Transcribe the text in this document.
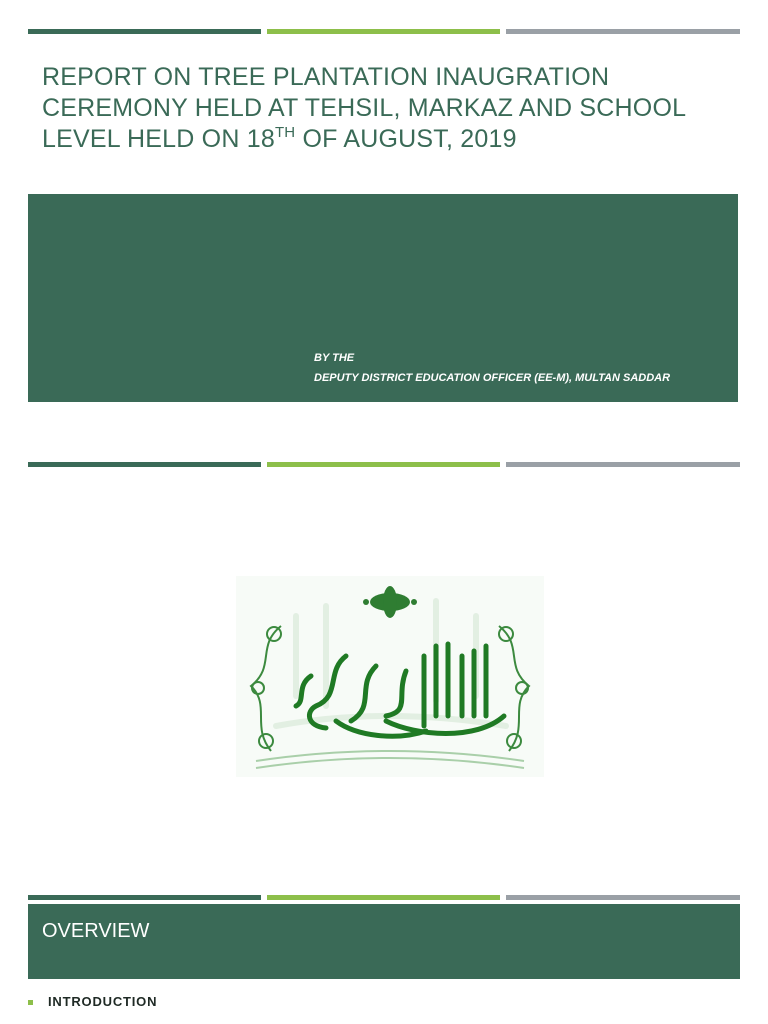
REPORT ON TREE PLANTATION INAUGRATION CEREMONY HELD AT TEHSIL, MARKAZ AND SCHOOL LEVEL HELD ON 18TH OF AUGUST, 2019
BY THE
DEPUTY DISTRICT EDUCATION OFFICER (EE-M), MULTAN SADDAR
OVERVIEW
INTRODUCTION
